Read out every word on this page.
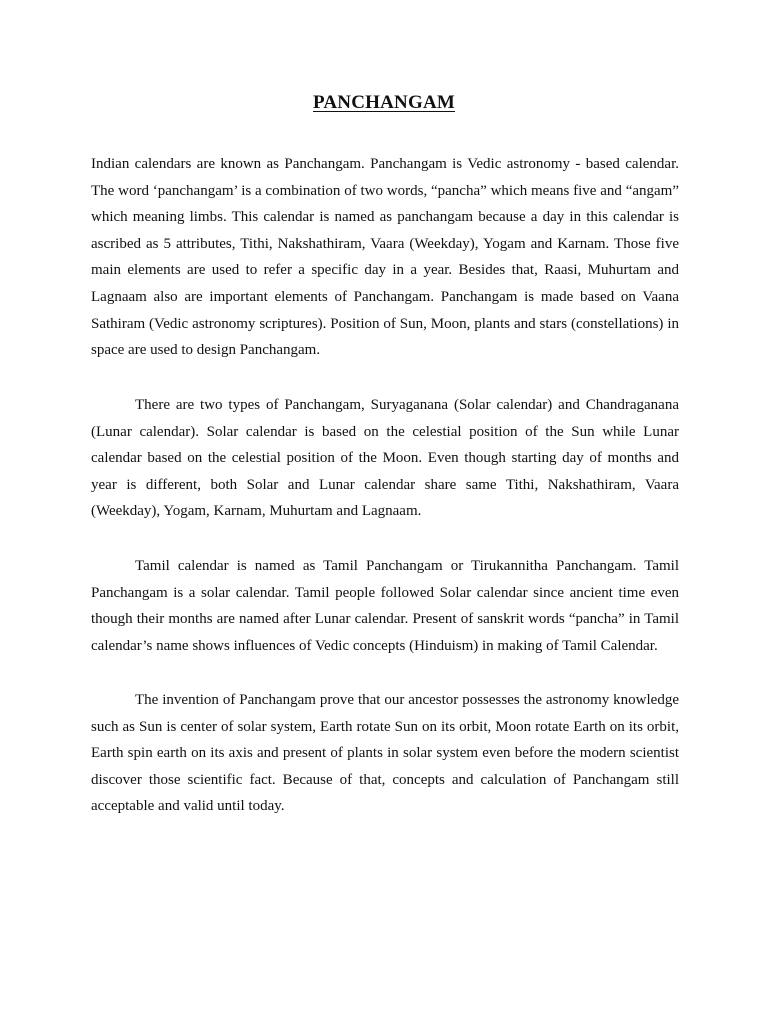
PANCHANGAM

Indian calendars are known as Panchangam. Panchangam is Vedic astronomy - based calendar. The word ‘panchangam’ is a combination of two words, “pancha” which means five and “angam” which meaning limbs. This calendar is named as panchangam because a day in this calendar is ascribed as 5 attributes, Tithi, Nakshathiram, Vaara (Weekday), Yogam and Karnam. Those five main elements are used to refer a specific day in a year. Besides that, Raasi, Muhurtam and Lagnaam also are important elements of Panchangam. Panchangam is made based on Vaana Sathiram (Vedic astronomy scriptures). Position of Sun, Moon, plants and stars (constellations) in space are used to design Panchangam.

There are two types of Panchangam, Suryaganana (Solar calendar) and Chandraganana (Lunar calendar). Solar calendar is based on the celestial position of the Sun while Lunar calendar based on the celestial position of the Moon. Even though starting day of months and year is different, both Solar and Lunar calendar share same Tithi, Nakshathiram, Vaara (Weekday), Yogam, Karnam, Muhurtam and Lagnaam.

Tamil calendar is named as Tamil Panchangam or Tirukannitha Panchangam. Tamil Panchangam is a solar calendar. Tamil people followed Solar calendar since ancient time even though their months are named after Lunar calendar. Present of sanskrit words “pancha” in Tamil calendar’s name shows influences of Vedic concepts (Hinduism) in making of Tamil Calendar.

The invention of Panchangam prove that our ancestor possesses the astronomy knowledge such as Sun is center of solar system, Earth rotate Sun on its orbit, Moon rotate Earth on its orbit, Earth spin earth on its axis and present of plants in solar system even before the modern scientist discover those scientific fact. Because of that, concepts and calculation of Panchangam still acceptable and valid until today.
